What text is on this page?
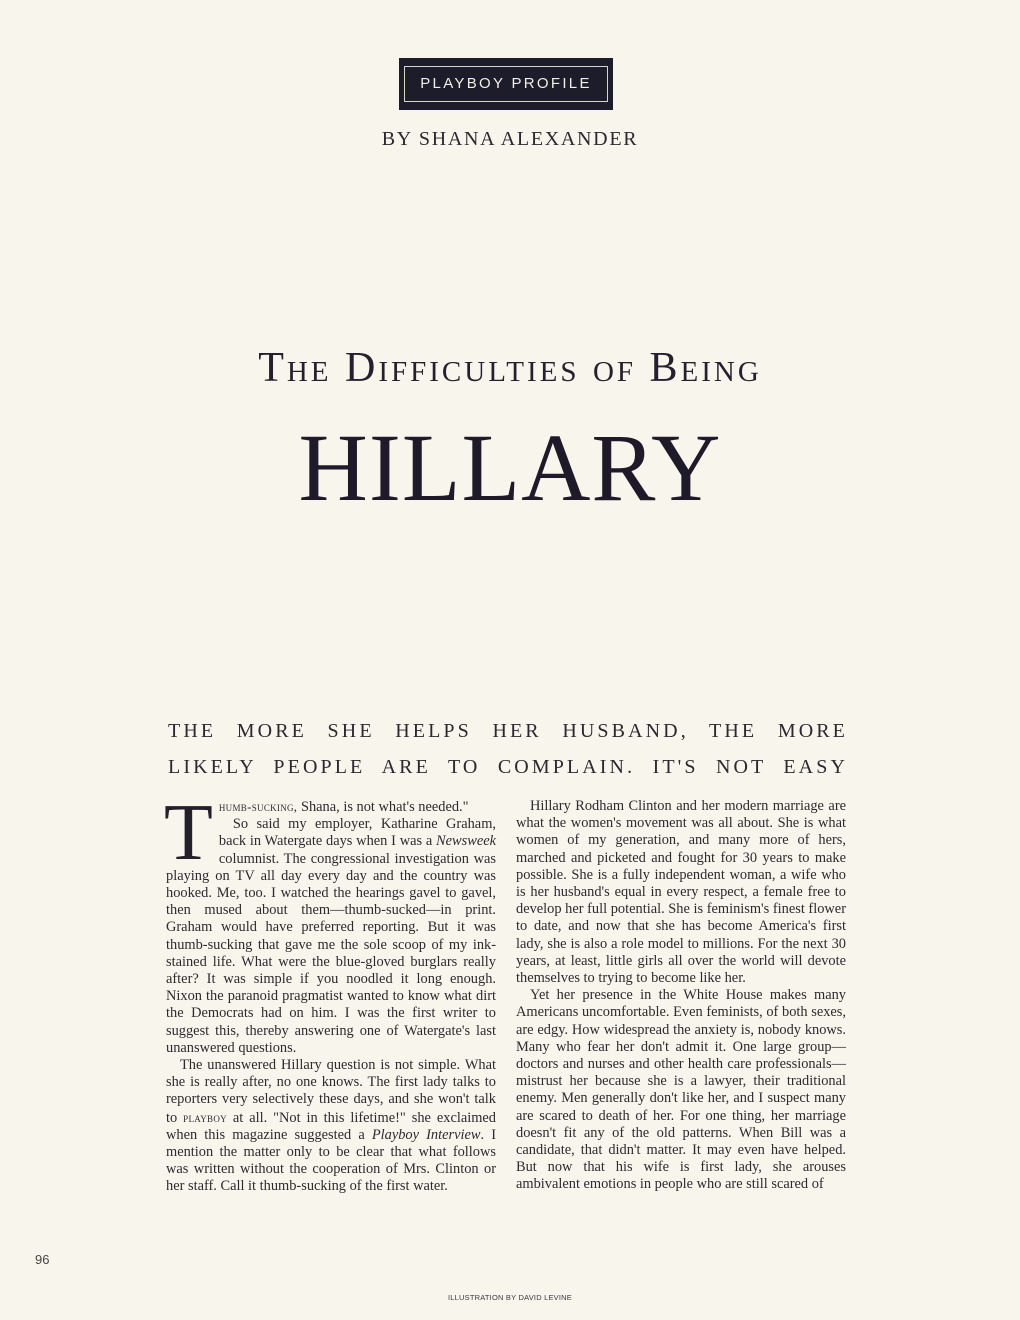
PLAYBOY PROFILE
BY SHANA ALEXANDER
The Difficulties of Being
HILLARY
THE MORE SHE HELPS HER HUSBAND, THE MORE LIKELY PEOPLE ARE TO COMPLAIN. IT'S NOT EASY

Thumb-sucking, Shana, is not what's needed."

So said my employer, Katharine Graham, back in Watergate days when I was a Newsweek columnist. The congressional investigation was playing on TV all day every day and the country was hooked. Me, too. I watched the hearings gavel to gavel, then mused about them—thumb-sucked—in print. Graham would have preferred reporting. But it was thumb-sucking that gave me the sole scoop of my ink-stained life. What were the blue-gloved burglars really after? It was simple if you noodled it long enough. Nixon the paranoid pragmatist wanted to know what dirt the Democrats had on him. I was the first writer to suggest this, thereby answering one of Watergate's last unanswered questions.

The unanswered Hillary question is not simple. What she is really after, no one knows. The first lady talks to reporters very selectively these days, and she won't talk to playboy at all. "Not in this lifetime!" she exclaimed when this magazine suggested a Playboy Interview. I mention the matter only to be clear that what follows was written without the cooperation of Mrs. Clinton or her staff. Call it thumb-sucking of the first water.

Hillary Rodham Clinton and her modern marriage are what the women's movement was all about. She is what women of my generation, and many more of hers, marched and picketed and fought for 30 years to make possible. She is a fully independent woman, a wife who is her husband's equal in every respect, a female free to develop her full potential. She is feminism's finest flower to date, and now that she has become America's first lady, she is also a role model to millions. For the next 30 years, at least, little girls all over the world will devote themselves to trying to become like her.

Yet her presence in the White House makes many Americans uncomfortable. Even feminists, of both sexes, are edgy. How widespread the anxiety is, nobody knows. Many who fear her don't admit it. One large group—doctors and nurses and other health care professionals—mistrust her because she is a lawyer, their traditional enemy. Men generally don't like her, and I suspect many are scared to death of her. For one thing, her marriage doesn't fit any of the old patterns. When Bill was a candidate, that didn't matter. It may even have helped. But now that his wife is first lady, she arouses ambivalent emotions in people who are still scared of

96
ILLUSTRATION BY DAVID LEVINE
